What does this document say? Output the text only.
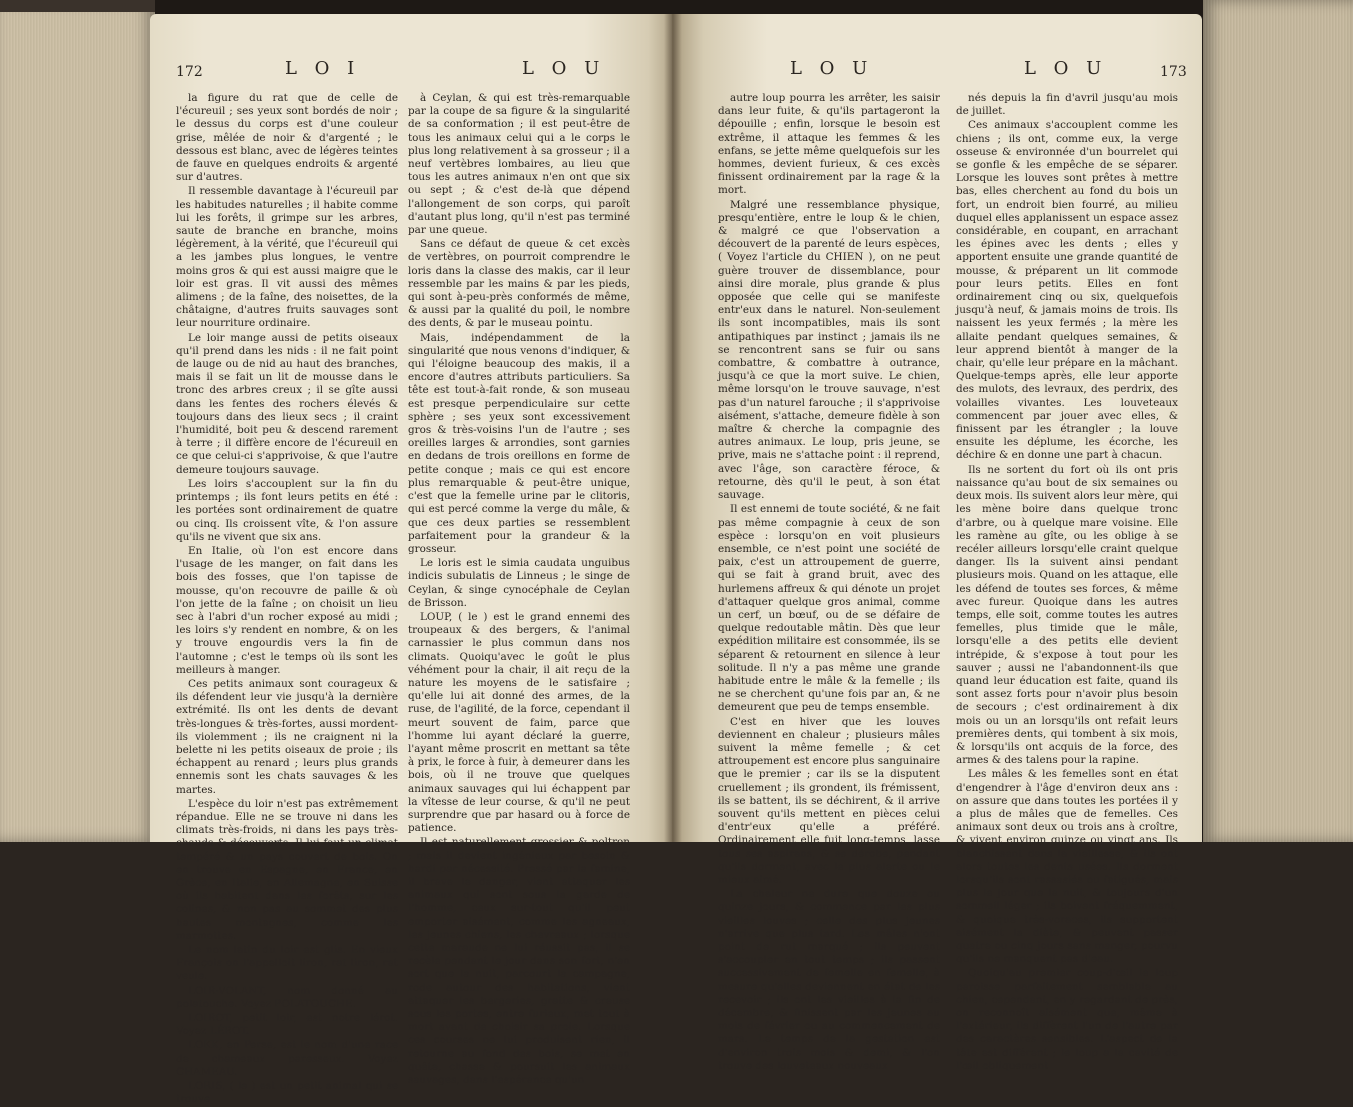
172	L O I	L O U

la figure du rat que de celle de l'écureuil ; ses yeux sont bordés de noir ; le dessus du corps est d'une couleur grise, mêlée de noir & d'argenté ; le dessous est blanc, avec de légères teintes de fauve en quelques endroits & argenté sur d'autres.

Il ressemble davantage à l'écureuil par les habitudes naturelles ; il habite comme lui les forêts, il grimpe sur les arbres, saute de branche en branche, moins légèrement, à la vérité, que l'écureuil qui a les jambes plus longues, le ventre moins gros & qui est aussi maigre que le loir est gras. Il vit aussi des mêmes alimens ; de la faîne, des noisettes, de la châtaigne, d'autres fruits sauvages sont leur nourriture ordinaire.

Le loir mange aussi de petits oiseaux qu'il prend dans les nids : il ne fait point de lauge ou de nid au haut des branches, mais il se fait un lit de mousse dans le tronc des arbres creux ; il se gîte aussi dans les fentes des rochers élevés & toujours dans des lieux secs ; il craint l'humidité, boit peu & descend rarement à terre ; il diffère encore de l'écureuil en ce que celui-ci s'apprivoise, & que l'autre demeure toujours sauvage.

Les loirs s'accouplent sur la fin du printemps ; ils font leurs petits en été : les portées sont ordinairement de quatre ou cinq. Ils croissent vîte, & l'on assure qu'ils ne vivent que six ans.

En Italie, où l'on est encore dans l'usage de les manger, on fait dans les bois des fosses, que l'on tapisse de mousse, qu'on recouvre de paille & où l'on jette de la faîne ; on choisit un lieu sec à l'abri d'un rocher exposé au midi ; les loirs s'y rendent en nombre, & on les y trouve engourdis vers la fin de l'automne ; c'est le temps où ils sont les meilleurs à manger.

Ces petits animaux sont courageux & ils défendent leur vie jusqu'à la dernière extrémité. Ils ont les dents de devant très-longues & très-fortes, aussi mordent-ils violemment ; ils ne craignent ni la belette ni les petits oiseaux de proie ; ils échappent au renard ; leurs plus grands ennemis sont les chats sauvages & les martes.

L'espèce du loir n'est pas extrêmement répandue. Elle ne se trouve ni dans les climats très-froids, ni dans les pays très-chauds & découverts. Il lui faut un climat tempéré & un pays couvert de bois. On en trouve en Espagne, en France, en Grèce, en Italie, en Allemagne, en Suisse où ils habitent dans les forêts, sur les colines, & non pas au sommet des plus hautes montagnes, comme les marmottes.

Le nom latin du loir est glis. En vieux François on l'appelloit liron, rat liron, rat veule.

LOIR-VOLANT, nom donné au polatouche. Voyez POLATOUCHE.

LOIROT, petit loir, est notre lérot. Voyez LÉROT.

LOKK, en Perse, est le nom d'une race de chameaux paresseux. Voyez CHAMEAU.

LORIS, ( le ) est un petit animal qui se trouve

à Ceylan, & qui est très-remarquable par la coupe de sa figure & la singularité de sa conformation ; il est peut-être de tous les animaux celui qui a le corps le plus long relativement à sa grosseur ; il a neuf vertèbres lombaires, au lieu que tous les autres animaux n'en ont que six ou sept ; & c'est de-là que dépend l'allongement de son corps, qui paroît d'autant plus long, qu'il n'est pas terminé par une queue.

Sans ce défaut de queue & cet excès de vertèbres, on pourroit comprendre le loris dans la classe des makis, car il leur ressemble par les mains & par les pieds, qui sont à-peu-près conformés de même, & aussi par la qualité du poil, le nombre des dents, & par le museau pointu.

Mais, indépendamment de la singularité que nous venons d'indiquer, & qui l'éloigne beaucoup des makis, il a encore d'autres attributs particuliers. Sa tête est tout-à-fait ronde, & son museau est presque perpendiculaire sur cette sphère ; ses yeux sont excessivement gros & très-voisins l'un de l'autre ; ses oreilles larges & arrondies, sont garnies en dedans de trois oreillons en forme de petite conque ; mais ce qui est encore plus remarquable & peut-être unique, c'est que la femelle urine par le clitoris, qui est percé comme la verge du mâle, & que ces deux parties se ressemblent parfaitement pour la grandeur & la grosseur.

Le loris est le simia caudata unguibus indicis subulatis de Linneus ; le singe de Ceylan, & singe cynocéphale de Ceylan de Brisson.

LOUP, ( le ) est le grand ennemi des troupeaux & des bergers, & l'animal carnassier le plus commun dans nos climats. Quoiqu'avec le goût le plus véhément pour la chair, il ait reçu de la nature les moyens de le satisfaire ; qu'elle lui ait donné des armes, de la ruse, de l'agilité, de la force, cependant il meurt souvent de faim, parce que l'homme lui ayant déclaré la guerre, l'ayant même proscrit en mettant sa tête à prix, le force à fuir, à demeurer dans les bois, où il ne trouve que quelques animaux sauvages qui lui échappent par la vîtesse de leur course, & qu'il ne peut surprendre que par hasard ou à force de patience.

Il est naturellement grossier & poltron ; mais il devient ingénieux par besoin & hardi par nécessité. Pressé par la famine, il brave le danger, vient attaquer les animaux qui sont sous la garde de l'homme, ceux sur-tout qu'il peut emporter aisément, comme les agneaux, les jeunes chiens, les chevreaux ; lorsque cette maraude ne lui réussit pas, il se recèle pendant le jour dans son fort, n'en sort que la nuit, parcourt la campagne, rode autour des habitations, vient attaquer les bergeries, gratte & creuse sous les portes, entre furieux, met tout à mort avant de choisir sa proie. Lorsque ces courses ne lui produisent rien, il retourne au fond des bois, se met en quête, chasse & poursuit les animaux sauvages, dans l'espérance qu'un

L O U	L O U	173

autre loup pourra les arrêter, les saisir dans leur fuite, & qu'ils partageront la dépouille ; enfin, lorsque le besoin est extrême, il attaque les femmes & les enfans, se jette même quelquefois sur les hommes, devient furieux, & ces excès finissent ordinairement par la rage & la mort.

Malgré une ressemblance physique, presqu'entière, entre le loup & le chien, & malgré ce que l'observation a découvert de la parenté de leurs espèces, ( Voyez l'article du CHIEN ), on ne peut guère trouver de dissemblance, pour ainsi dire morale, plus grande & plus opposée que celle qui se manifeste entr'eux dans le naturel. Non-seulement ils sont incompatibles, mais ils sont antipathiques par instinct ; jamais ils ne se rencontrent sans se fuir ou sans combattre, & combattre à outrance, jusqu'à ce que la mort suive. Le chien, même lorsqu'on le trouve sauvage, n'est pas d'un naturel farouche ; il s'apprivoise aisément, s'attache, demeure fidèle à son maître & cherche la compagnie des autres animaux. Le loup, pris jeune, se prive, mais ne s'attache point : il reprend, avec l'âge, son caractère féroce, & retourne, dès qu'il le peut, à son état sauvage.

Il est ennemi de toute société, & ne fait pas même compagnie à ceux de son espèce : lorsqu'on en voit plusieurs ensemble, ce n'est point une société de paix, c'est un attroupement de guerre, qui se fait à grand bruit, avec des hurlemens affreux & qui dénote un projet d'attaquer quelque gros animal, comme un cerf, un bœuf, ou de se défaire de quelque redoutable mâtin. Dès que leur expédition militaire est consommée, ils se séparent & retournent en silence à leur solitude. Il n'y a pas même une grande habitude entre le mâle & la femelle ; ils ne se cherchent qu'une fois par an, & ne demeurent que peu de temps ensemble.

C'est en hiver que les louves deviennent en chaleur ; plusieurs mâles suivent la même femelle ; & cet attroupement est encore plus sanguinaire que le premier ; car ils se la disputent cruellement ; ils grondent, ils frémissent, ils se battent, ils se déchirent, & il arrive souvent qu'ils mettent en pièces celui d'entr'eux qu'elle a préféré. Ordinairement elle fuit long-temps, lasse tous ses aspirans, & se dérobe, pendant qu'ils dorment, avec le plus alerte ou le mieux aimé.

La chaleur ne dure que douze ou quinze jours, & commence par les plus vieilles louves ; celle des plus jeunes n'arrive que plus tard. Les mâles n'ont point de rut marqué ; ils peuvent s'accoupler en tout temps ; ils passent successivement de femelle en femelle, à mesure qu'elles deviennent en état de les recevoir ; ils ont les vieilles à la fin de décembre, & finissent par les jeunes au mois de février ou au commencement de mars. Le temps de la gestation est d'environ trois mois & demi, & l'on trouve des louveteaux nouveaux

nés depuis la fin d'avril jusqu'au mois de juillet.

Ces animaux s'accouplent comme les chiens ; ils ont, comme eux, la verge osseuse & environnée d'un bourrelet qui se gonfle & les empêche de se séparer. Lorsque les louves sont prêtes à mettre bas, elles cherchent au fond du bois un fort, un endroit bien fourré, au milieu duquel elles applanissent un espace assez considérable, en coupant, en arrachant les épines avec les dents ; elles y apportent ensuite une grande quantité de mousse, & préparent un lit commode pour leurs petits. Elles en font ordinairement cinq ou six, quelquefois jusqu'à neuf, & jamais moins de trois. Ils naissent les yeux fermés ; la mère les allaite pendant quelques semaines, & leur apprend bientôt à manger de la chair, qu'elle leur prépare en la mâchant. Quelque-temps après, elle leur apporte des mulots, des levraux, des perdrix, des volailles vivantes. Les louveteaux commencent par jouer avec elles, & finissent par les étrangler ; la louve ensuite les déplume, les écorche, les déchire & en donne une part à chacun.

Ils ne sortent du fort où ils ont pris naissance qu'au bout de six semaines ou deux mois. Ils suivent alors leur mère, qui les mène boire dans quelque tronc d'arbre, ou à quelque mare voisine. Elle les ramène au gîte, ou les oblige à se recéler ailleurs lorsqu'elle craint quelque danger. Ils la suivent ainsi pendant plusieurs mois. Quand on les attaque, elle les défend de toutes ses forces, & même avec fureur. Quoique dans les autres temps, elle soit, comme toutes les autres femelles, plus timide que le mâle, lorsqu'elle a des petits elle devient intrépide, & s'expose à tout pour les sauver ; aussi ne l'abandonnent-ils que quand leur éducation est faite, quand ils sont assez forts pour n'avoir plus besoin de secours ; c'est ordinairement à dix mois ou un an lorsqu'ils ont refait leurs premières dents, qui tombent à six mois, & lorsqu'ils ont acquis de la force, des armes & des talens pour la rapine.

Les mâles & les femelles sont en état d'engendrer à l'âge d'environ deux ans : on assure que dans toutes les portées il y a plus de mâles que de femelles. Ces animaux sont deux ou trois ans à croître, & vivent environ quinze ou vingt ans. Ils blanchissent dans la vieillesse, & ils ont alors toutes les dents usées. Ils dorment lorsqu'ils sont rassasiés ou fatigués, mais plus le jour que la nuit, & toujours d'un sommeil léger ; ils boivent fréquemment, & quoique très-voraces, ils supportent aisément la diète, & peuvent passer quatre ou cinq jours sans manger, pourvu qu'ils ne manquent pas d'eau.

Quoiqu'au premier coup-d'œil le loup paroisse parfaitement semblable au chien, cependant, en y regardant de près, on reconnoît aisément que, même à l'extérieur, ils diffèrent l'un de l'autre par des caractères sensibles. L'aspect de la tête est différent ; le loup a la cavité de l'œil obliquement
